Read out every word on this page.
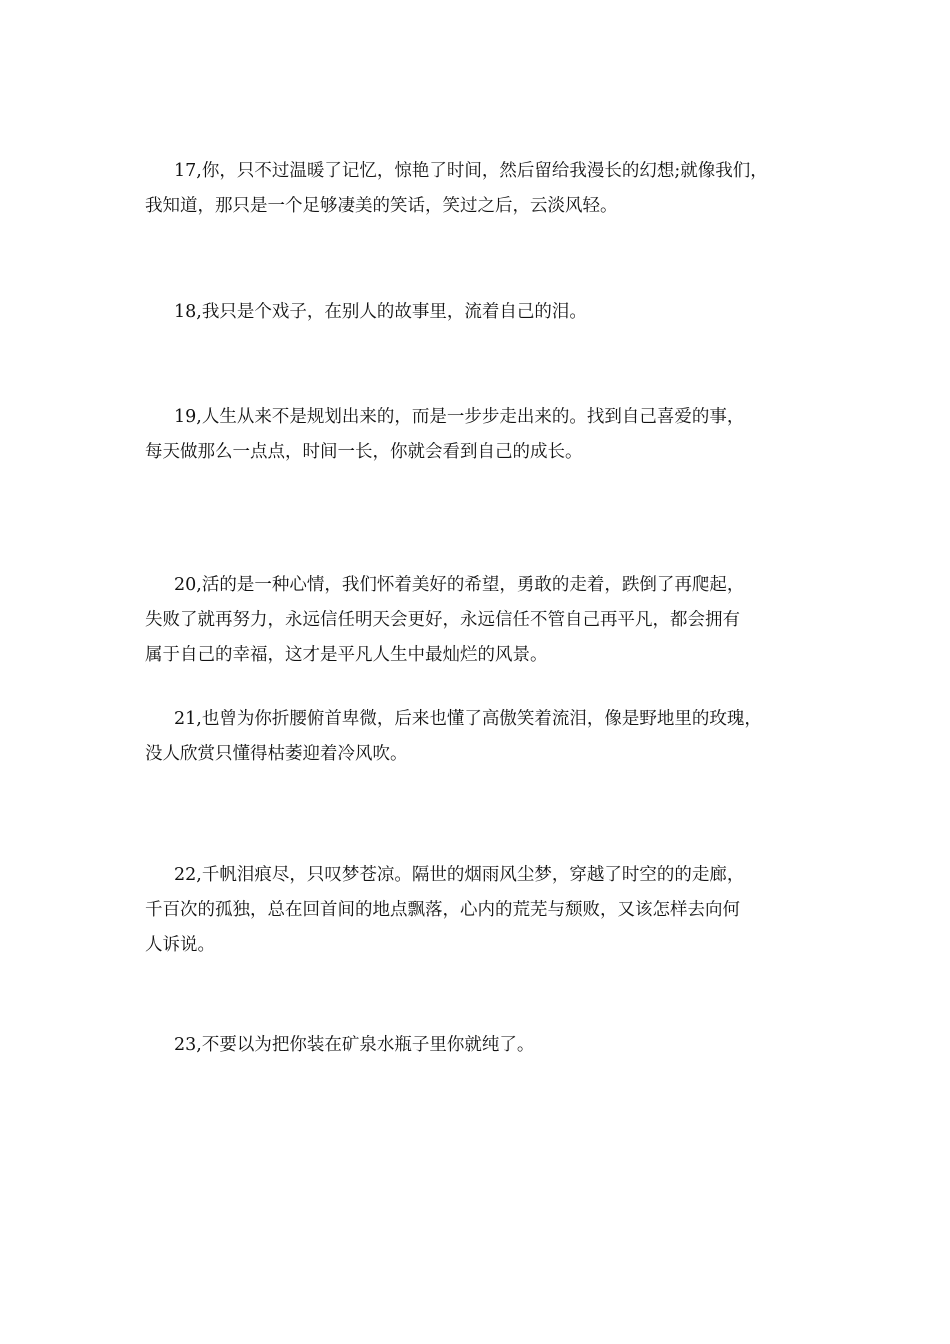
17,你，只不过温暖了记忆，惊艳了时间，然后留给我漫长的幻想;就像我们，
我知道，那只是一个足够凄美的笑话，笑过之后，云淡风轻。
18,我只是个戏子，在别人的故事里，流着自己的泪。
19,人生从来不是规划出来的，而是一步步走出来的。找到自己喜爱的事，
每天做那么一点点，时间一长，你就会看到自己的成长。
20,活的是一种心情，我们怀着美好的希望，勇敢的走着，跌倒了再爬起，
失败了就再努力，永远信任明天会更好，永远信任不管自己再平凡，都会拥有
属于自己的幸福，这才是平凡人生中最灿烂的风景。
21,也曾为你折腰俯首卑微，后来也懂了高傲笑着流泪，像是野地里的玫瑰，
没人欣赏只懂得枯萎迎着冷风吹。
22,千帆泪痕尽，只叹梦苍凉。隔世的烟雨风尘梦，穿越了时空的的走廊，
千百次的孤独，总在回首间的地点飘落，心内的荒芜与颓败，又该怎样去向何
人诉说。
23,不要以为把你装在矿泉水瓶子里你就纯了。
